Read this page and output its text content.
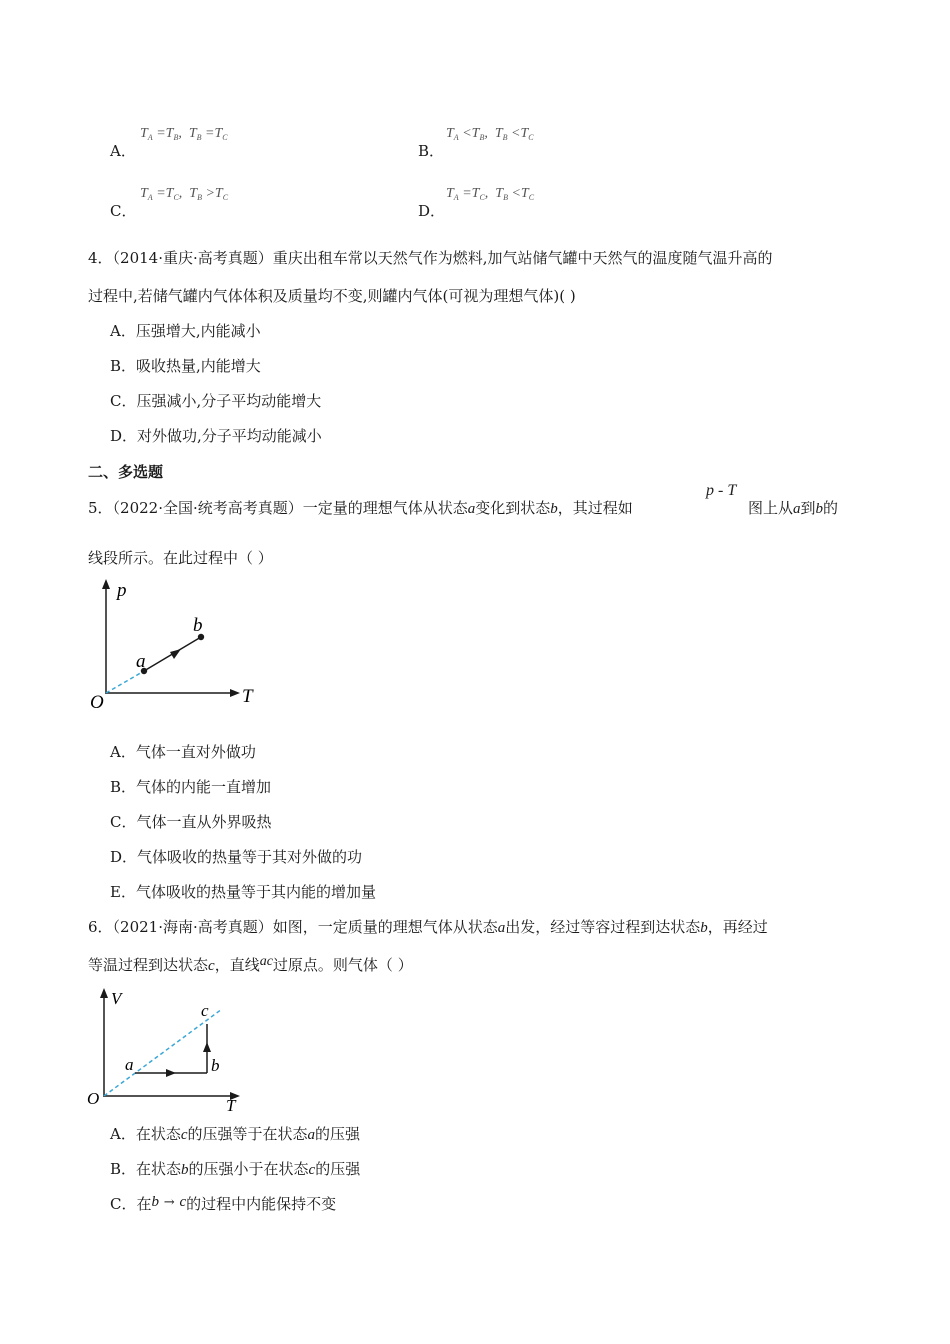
A．
$T_A =T_B$, $T_B =T_C$
B．
$T_A <T_B$, $T_B <T_C$
C．
$T_A =T_C$, $T_B >T_C$
D．
$T_A =T_C$, $T_B <T_C$
4．（2014·重庆·高考真题）重庆出租车常以天然气作为燃料,加气站储气罐中天然气的温度随气温升高的
过程中,若储气罐内气体体积及质量均不变,则罐内气体(可视为理想气体)( )
A．压强增大,内能减小
B．吸收热量,内能增大
C．压强减小,分子平均动能增大
D．对外做功,分子平均动能减小
二、多选题
5．（2022·全国·统考高考真题）一定量的理想气体从状态a变化到状态b，其过程如
p - T
图上从a到b的
线段所示。在此过程中（ ）
p
T
O
a
b
A．气体一直对外做功
B．气体的内能一直增加
C．气体一直从外界吸热
D．气体吸收的热量等于其对外做的功
E．气体吸收的热量等于其内能的增加量
6．（2021·海南·高考真题）如图，一定质量的理想气体从状态a出发，经过等容过程到达状态b，再经过
等温过程到达状态c，直线ac过原点。则气体（ ）
V
T
O
a	b
c
A．在状态c的压强等于在状态a的压强
B．在状态b的压强小于在状态c的压强
C．在b → c的过程中内能保持不变
